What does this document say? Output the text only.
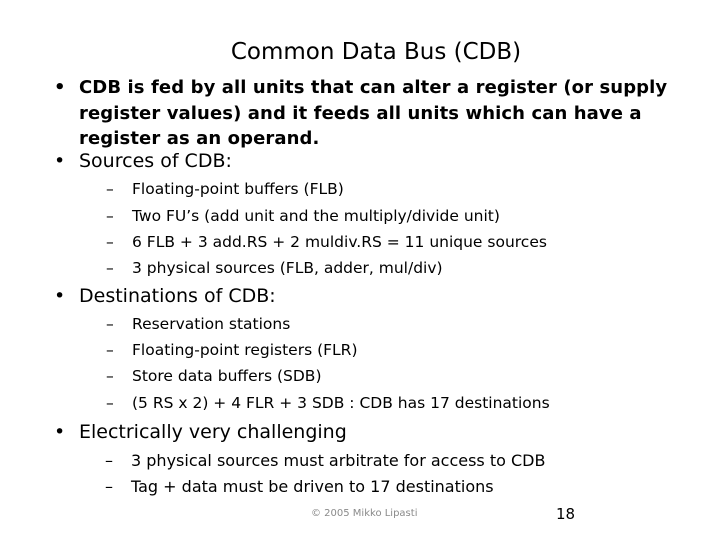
Common Data Bus (CDB)
• CDB is fed by all units that can alter a register (or supply register values) and it feeds all units which can have a register as an operand.
• Sources of CDB:
– Floating-point buffers (FLB)
– Two FU’s (add unit and the multiply/divide unit)
– 6 FLB + 3 add.RS + 2 muldiv.RS = 11 unique sources
– 3 physical sources (FLB, adder, mul/div)
• Destinations of CDB:
– Reservation stations
– Floating-point registers (FLR)
– Store data buffers (SDB)
– (5 RS x 2) + 4 FLR + 3 SDB : CDB has 17 destinations
• Electrically very challenging
– 3 physical sources must arbitrate for access to CDB
– Tag + data must be driven to 17 destinations
© 2005 Mikko Lipasti	18
